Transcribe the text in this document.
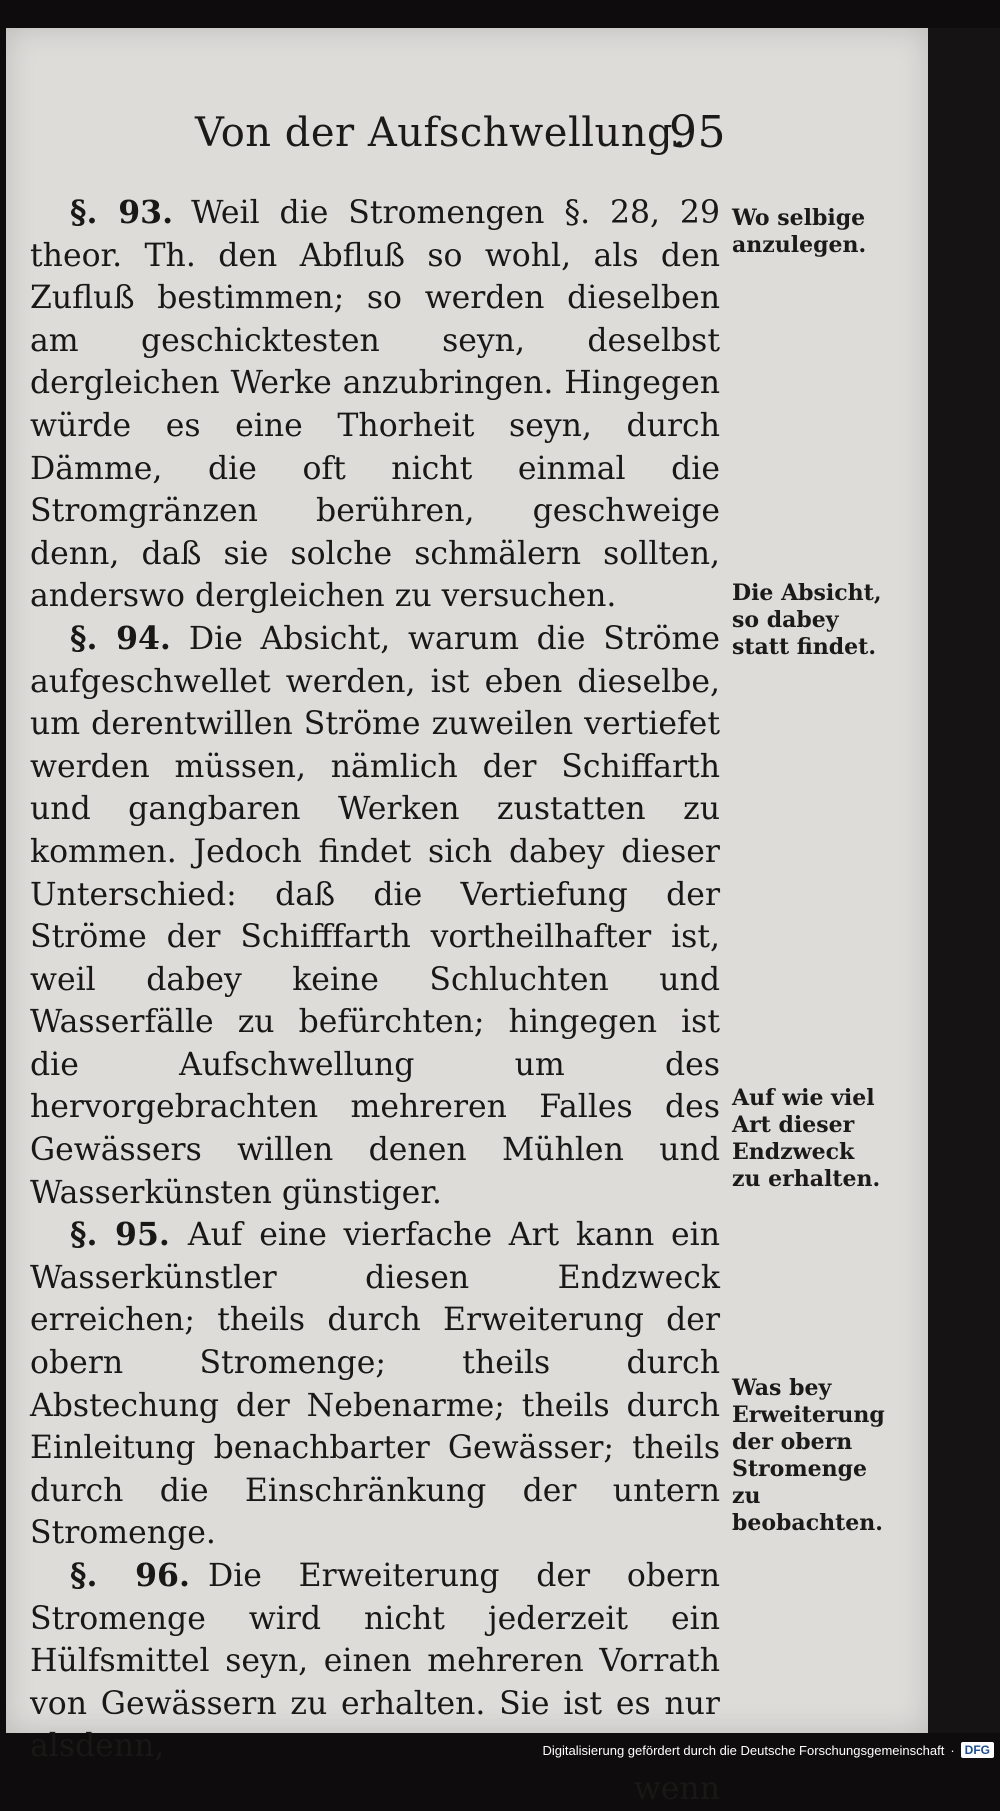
Von der Aufschwellung.
95

§. 93. Weil die Stromengen §. 28, 29 theor. Th. den Abfluß so wohl, als den Zufluß bestimmen; so werden dieselben am geschicktesten seyn, deselbst dergleichen Werke anzubringen. Hingegen würde es eine Thorheit seyn, durch Dämme, die oft nicht einmal die Stromgränzen berühren, geschweige denn, daß sie solche schmälern sollten, anderswo dergleichen zu versuchen.

§. 94. Die Absicht, warum die Ströme aufgeschwellet werden, ist eben dieselbe, um derentwillen Ströme zuweilen vertiefet werden müssen, nämlich der Schiffarth und gangbaren Werken zustatten zu kommen. Jedoch findet sich dabey dieser Unterschied: daß die Vertiefung der Ströme der Schifffarth vortheilhafter ist, weil dabey keine Schluchten und Wasserfälle zu befürchten; hingegen ist die Aufschwellung um des hervorgebrachten mehreren Falles des Gewässers willen denen Mühlen und Wasserkünsten günstiger.

§. 95. Auf eine vierfache Art kann ein Wasserkünstler diesen Endzweck erreichen; theils durch Erweiterung der obern Stromenge; theils durch Abstechung der Nebenarme; theils durch Einleitung benachbarter Gewässer; theils durch die Einschränkung der untern Stromenge.

§. 96. Die Erweiterung der obern Stromenge wird nicht jederzeit ein Hülfsmittel seyn, einen mehreren Vorrath von Gewässern zu erhalten. Sie ist es nur alsdenn,
wenn

Wo selbige anzulegen.
Die Absicht, so dabey statt findet.
Auf wie viel Art dieser Endzweck zu erhalten.
Was bey Erweiterung der obern Stromenge zu beobachten.
Digitalisierung gefördert durch die Deutsche Forschungsgemeinschaft · DFG
